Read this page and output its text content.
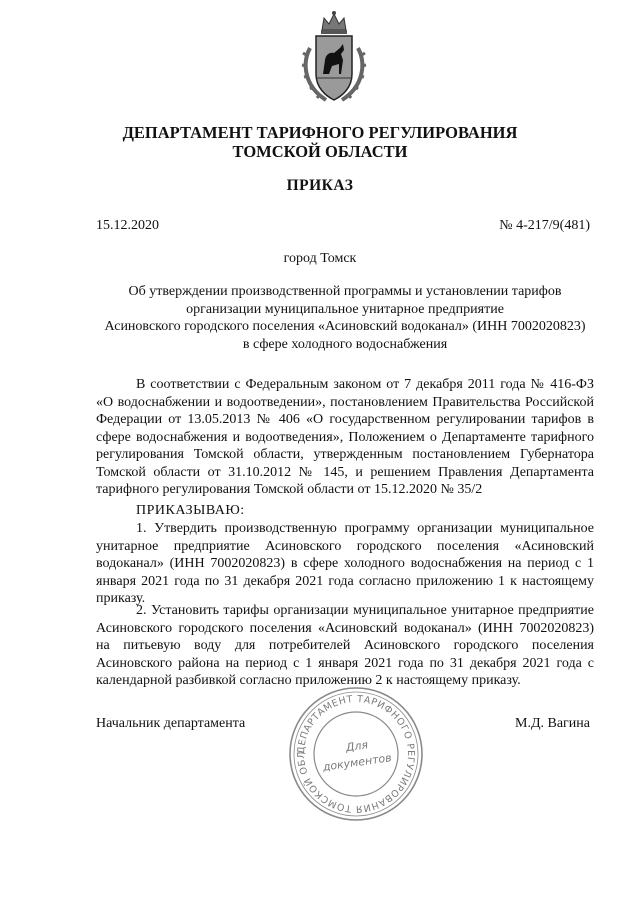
ДЕПАРТАМЕНТ ТАРИФНОГО РЕГУЛИРОВАНИЯ
ТОМСКОЙ ОБЛАСТИ
ПРИКАЗ
15.12.2020	№ 4-217/9(481)
город Томск
Об утверждении производственной программы и установлении тарифов
организации муниципальное унитарное предприятие
Асиновского городского поселения «Асиновский водоканал» (ИНН 7002020823)
в сфере холодного водоснабжения
В соответствии с Федеральным законом от 7 декабря 2011 года № 416-ФЗ «О водоснабжении и водоотведении», постановлением Правительства Российской Федерации от 13.05.2013 № 406 «О государственном регулировании тарифов в сфере водоснабжения и водоотведения», Положением о Департаменте тарифного регулирования Томской области, утвержденным постановлением Губернатора Томской области от 31.10.2012 № 145, и решением Правления Департамента тарифного регулирования Томской области от 15.12.2020 № 35/2
ПРИКАЗЫВАЮ:
1. Утвердить производственную программу организации муниципальное унитарное предприятие Асиновского городского поселения «Асиновский водоканал» (ИНН 7002020823) в сфере холодного водоснабжения на период с 1 января 2021 года по 31 декабря 2021 года согласно приложению 1 к настоящему приказу.
2. Установить тарифы организации муниципальное унитарное предприятие Асиновского городского поселения «Асиновский водоканал» (ИНН 7002020823) на питьевую воду для потребителей Асиновского городского поселения Асиновского района на период с 1 января 2021 года по 31 декабря 2021 года с календарной разбивкой согласно приложению 2 к настоящему приказу.
Начальник департамента	М.Д. Вагина
ДЕПАРТАМЕНТ ТАРИФНОГО РЕГУЛИРОВАНИЯ ТОМСКОЙ ОБЛ
Для
документов
